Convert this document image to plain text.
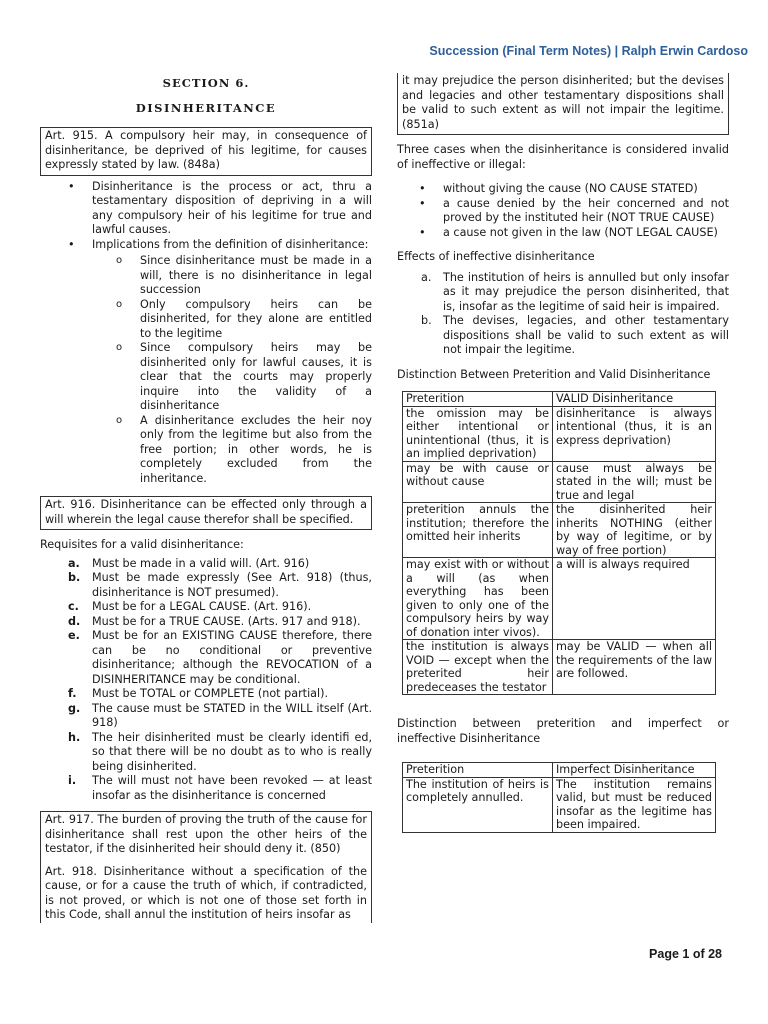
Succession (Final Term Notes) | Ralph Erwin Cardoso
SECTION 6.
DISINHERITANCE

Art. 915. A compulsory heir may, in consequence of disinheritance, be deprived of his legitime, for causes expressly stated by law. (848a)

• Disinheritance is the process or act, thru a testamentary disposition of depriving in a will any compulsory heir of his legitime for true and lawful causes.
• Implications from the definition of disinheritance:
o Since disinheritance must be made in a will, there is no disinheritance in legal succession
o Only compulsory heirs can be disinherited, for they alone are entitled to the legitime
o Since compulsory heirs may be disinherited only for lawful causes, it is clear that the courts may properly inquire into the validity of a disinheritance
o A disinheritance excludes the heir noy only from the legitime but also from the free portion; in other words, he is completely excluded from the inheritance.

Art. 916. Disinheritance can be effected only through a will wherein the legal cause therefor shall be specified.

Requisites for a valid disinheritance:

a. Must be made in a valid will. (Art. 916)
b. Must be made expressly (See Art. 918) (thus, disinheritance is NOT presumed).
c. Must be for a LEGAL CAUSE. (Art. 916).
d. Must be for a TRUE CAUSE. (Arts. 917 and 918).
e. Must be for an EXISTING CAUSE therefore, there can be no conditional or preventive disinheritance; although the REVOCATION of a DISINHERITANCE may be conditional.
f. Must be TOTAL or COMPLETE (not partial).
g. The cause must be STATED in the WILL itself (Art. 918)
h. The heir disinherited must be clearly identifi ed, so that there will be no doubt as to who is really being disinherited.
i. The will must not have been revoked — at least insofar as the disinheritance is concerned

Art. 917. The burden of proving the truth of the cause for disinheritance shall rest upon the other heirs of the testator, if the disinherited heir should deny it. (850)

Art. 918. Disinheritance without a specification of the cause, or for a cause the truth of which, if contradicted, is not proved, or which is not one of those set forth in this Code, shall annul the institution of heirs insofar as

it may prejudice the person disinherited; but the devises and legacies and other testamentary dispositions shall be valid to such extent as will not impair the legitime. (851a)

Three cases when the disinheritance is considered invalid of ineffective or illegal:

• without giving the cause (NO CAUSE STATED)
• a cause denied by the heir concerned and not proved by the instituted heir (NOT TRUE CAUSE)
• a cause not given in the law (NOT LEGAL CAUSE)

Effects of ineffective disinheritance

a. The institution of heirs is annulled but only insofar as it may prejudice the person disinherited, that is, insofar as the legitime of said heir is impaired.
b. The devises, legacies, and other testamentary dispositions shall be valid to such extent as will not impair the legitime.

Distinction Between Preterition and Valid Disinheritance

Preterition	VALID Disinheritance
the omission may be either intentional or unintentional (thus, it is an implied deprivation)	disinheritance is always intentional (thus, it is an express deprivation)
may be with cause or without cause	cause must always be stated in the will; must be true and legal
preterition annuls the institution; therefore the omitted heir inherits	the disinherited heir inherits NOTHING (either by way of legitime, or by way of free portion)
may exist with or without a will (as when everything has been given to only one of the compulsory heirs by way of donation inter vivos).	a will is always required
the institution is always VOID — except when the preterited heir predeceases the testator	may be VALID — when all the requirements of the law are followed.

Distinction between preterition and imperfect or ineffective Disinheritance

Preterition	Imperfect Disinheritance
The institution of heirs is completely annulled.	The institution remains valid, but must be reduced insofar as the legitime has been impaired.
Page 1 of 28
